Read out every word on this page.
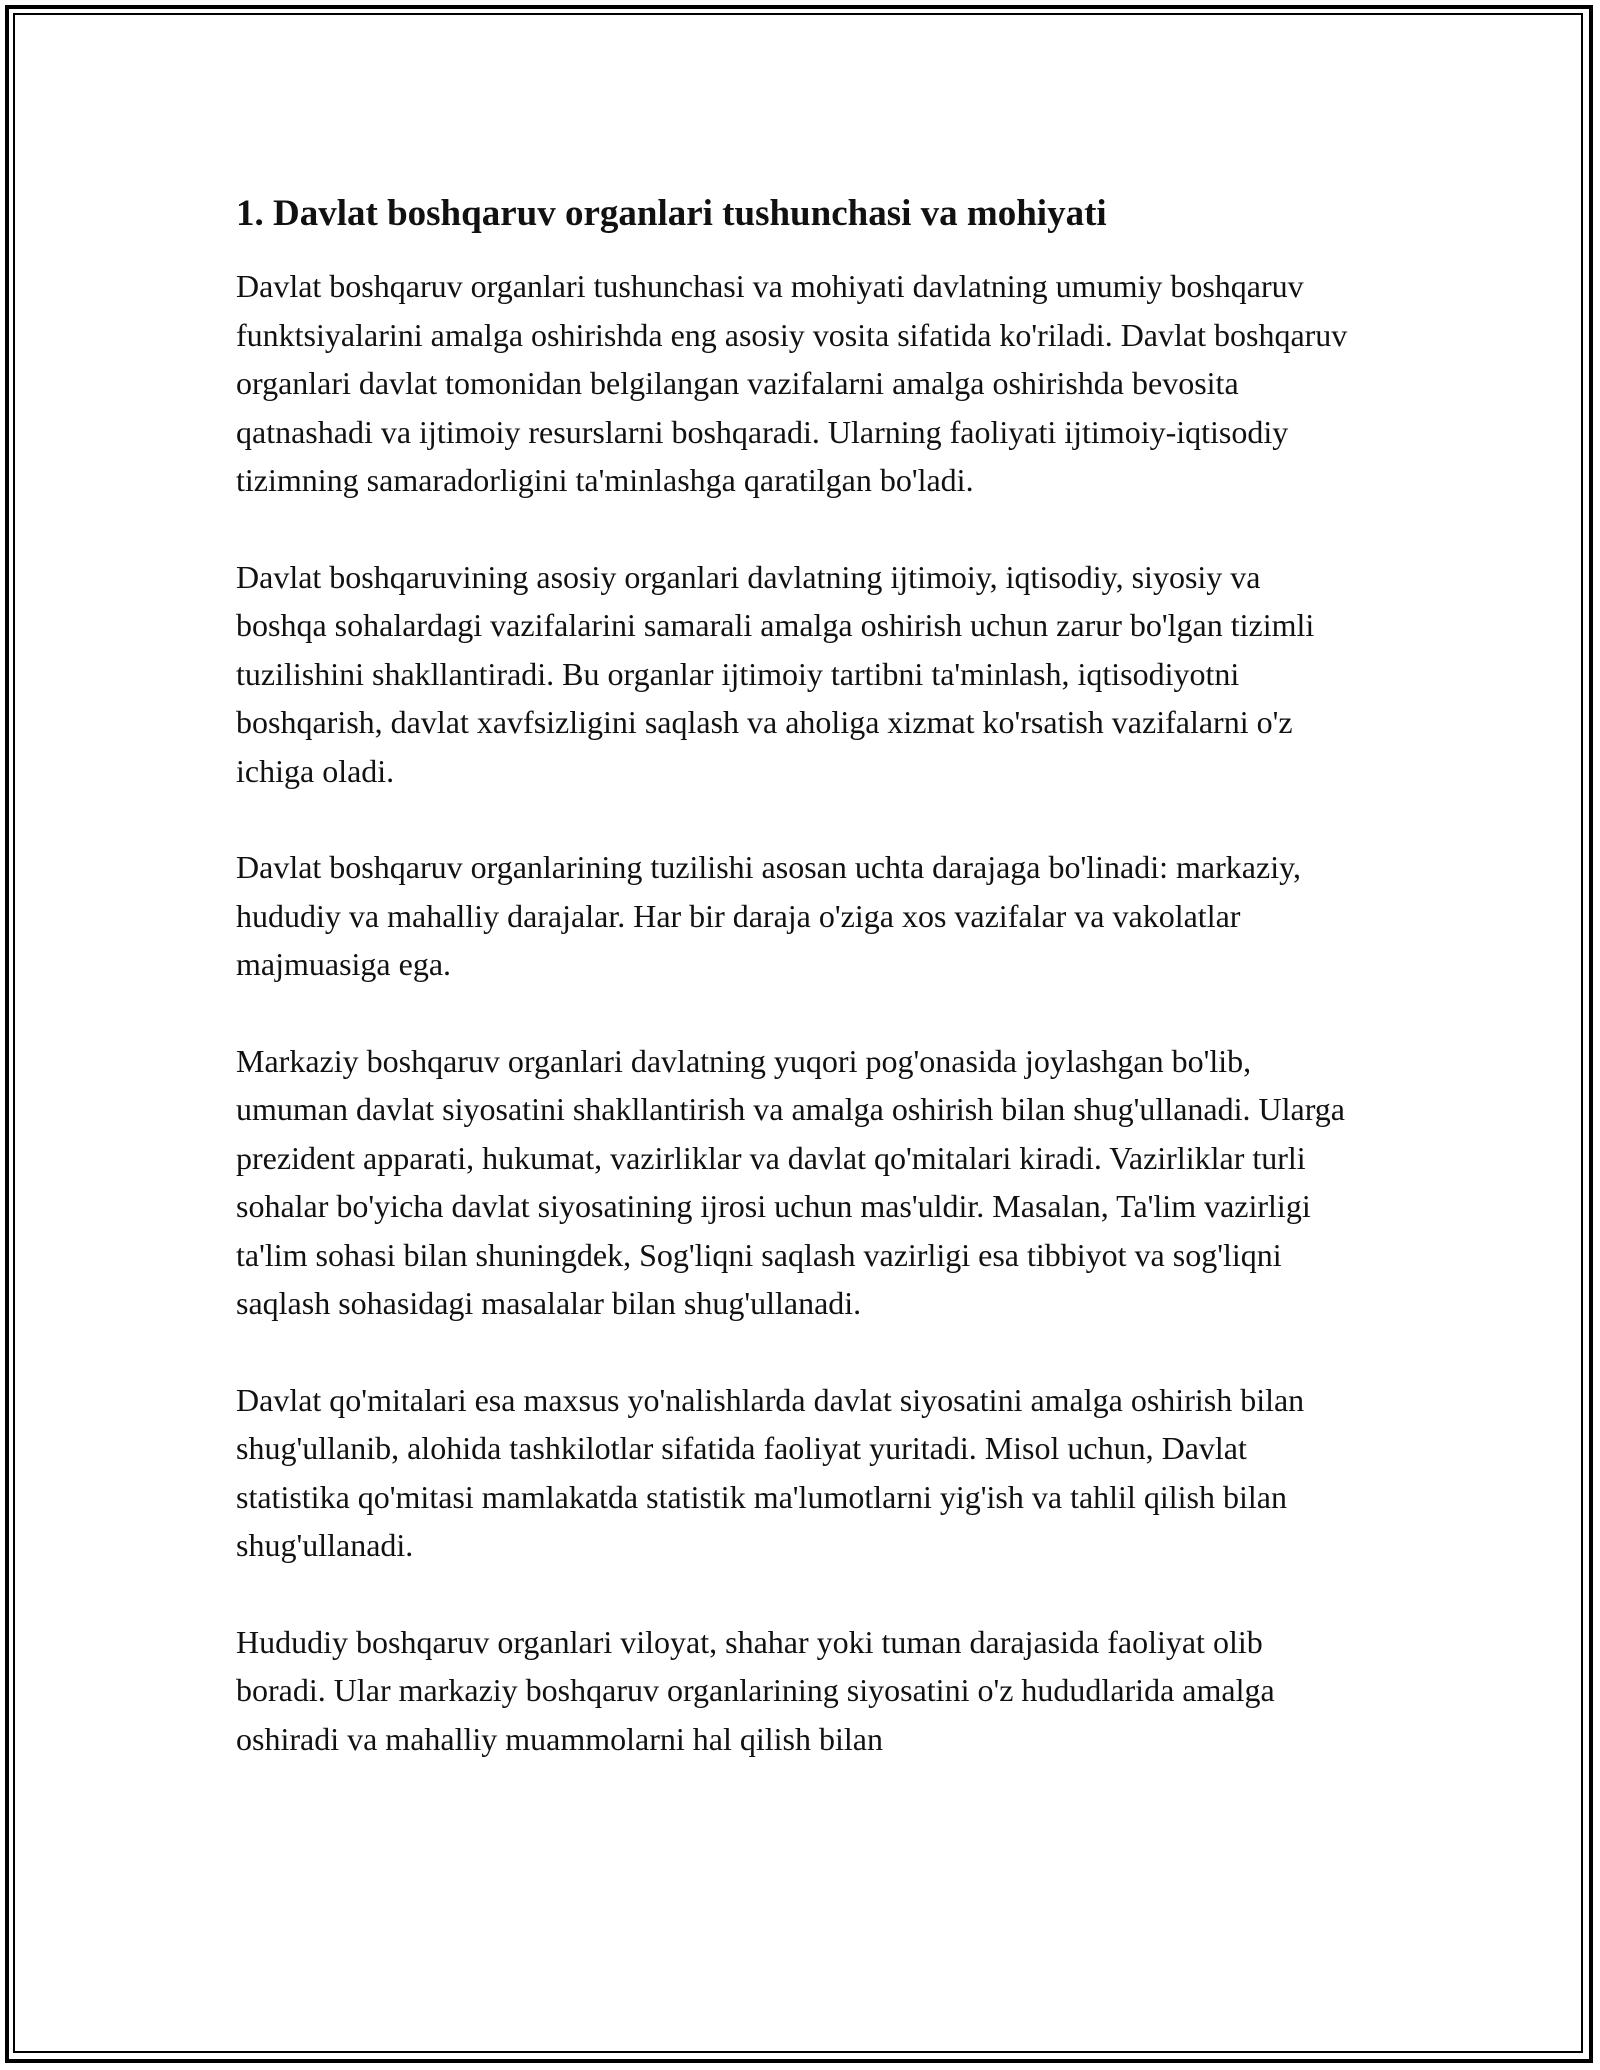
1. Davlat boshqaruv organlari tushunchasi va mohiyati

Davlat boshqaruv organlari tushunchasi va mohiyati davlatning umumiy boshqaruv funktsiyalarini amalga oshirishda eng asosiy vosita sifatida ko'riladi. Davlat boshqaruv organlari davlat tomonidan belgilangan vazifalarni amalga oshirishda bevosita qatnashadi va ijtimoiy resurslarni boshqaradi. Ularning faoliyati ijtimoiy-iqtisodiy tizimning samaradorligini ta'minlashga qaratilgan bo'ladi.

Davlat boshqaruvining asosiy organlari davlatning ijtimoiy, iqtisodiy, siyosiy va boshqa sohalardagi vazifalarini samarali amalga oshirish uchun zarur bo'lgan tizimli tuzilishini shakllantiradi. Bu organlar ijtimoiy tartibni ta'minlash, iqtisodiyotni boshqarish, davlat xavfsizligini saqlash va aholiga xizmat ko'rsatish vazifalarni o'z ichiga oladi.

Davlat boshqaruv organlarining tuzilishi asosan uchta darajaga bo'linadi: markaziy, hududiy va mahalliy darajalar. Har bir daraja o'ziga xos vazifalar va vakolatlar majmuasiga ega.

Markaziy boshqaruv organlari davlatning yuqori pog'onasida joylashgan bo'lib, umuman davlat siyosatini shakllantirish va amalga oshirish bilan shug'ullanadi. Ularga prezident apparati, hukumat, vazirliklar va davlat qo'mitalari kiradi. Vazirliklar turli sohalar bo'yicha davlat siyosatining ijrosi uchun mas'uldir. Masalan, Ta'lim vazirligi ta'lim sohasi bilan shuningdek, Sog'liqni saqlash vazirligi esa tibbiyot va sog'liqni saqlash sohasidagi masalalar bilan shug'ullanadi.

Davlat qo'mitalari esa maxsus yo'nalishlarda davlat siyosatini amalga oshirish bilan shug'ullanib, alohida tashkilotlar sifatida faoliyat yuritadi. Misol uchun, Davlat statistika qo'mitasi mamlakatda statistik ma'lumotlarni yig'ish va tahlil qilish bilan shug'ullanadi.

Hududiy boshqaruv organlari viloyat, shahar yoki tuman darajasida faoliyat olib boradi. Ular markaziy boshqaruv organlarining siyosatini o'z hududlarida amalga oshiradi va mahalliy muammolarni hal qilish bilan
